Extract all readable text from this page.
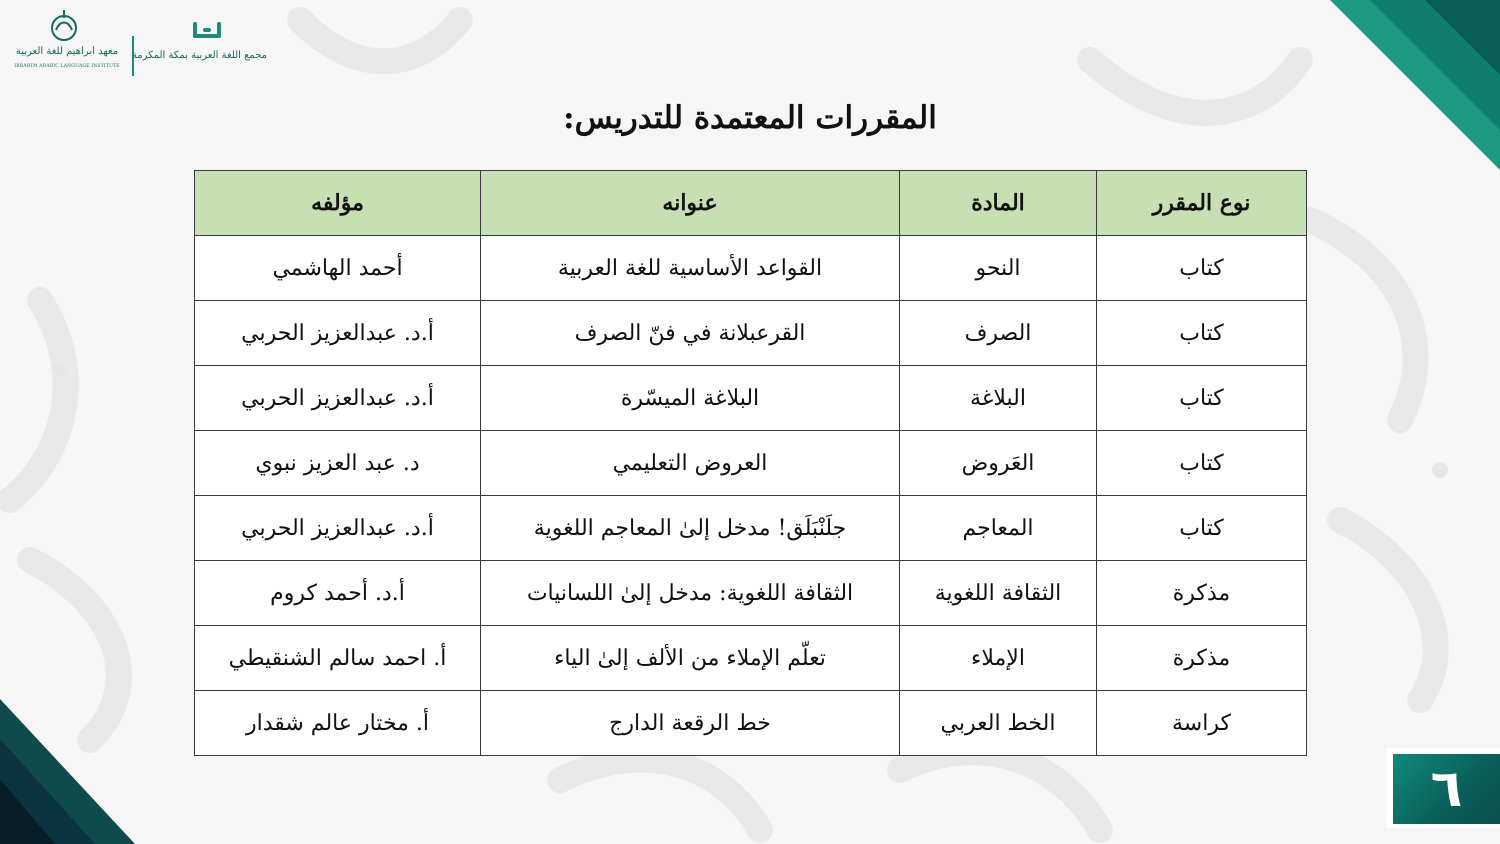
معهد ابراهيم للغة العربية
IBRAHIM ARABIC LANGUAGE INSTITUTE
مجمع اللغة العربية بمكة المكرمة
المقررات المعتمدة للتدريس:
نوع المقرر	المادة	عنوانه	مؤلفه
كتاب	النحو	القواعد الأساسية للغة العربية	أحمد الهاشمي
كتاب	الصرف	القرعبلانة في فنّ الصرف	أ.د. عبدالعزيز الحربي
كتاب	البلاغة	البلاغة الميسّرة	أ.د. عبدالعزيز الحربي
كتاب	العَروض	العروض التعليمي	د. عبد العزيز نبوي
كتاب	المعاجم	جلَنْبَلَق! مدخل إلىٰ المعاجم اللغوية	أ.د. عبدالعزيز الحربي
مذكرة	الثقافة اللغوية	الثقافة اللغوية: مدخل إلىٰ اللسانيات	أ.د. أحمد كروم
مذكرة	الإملاء	تعلّم الإملاء من الألف إلىٰ الياء	أ. احمد سالم الشنقيطي
كراسة	الخط العربي	خط الرقعة الدارج	أ. مختار عالم شقدار
٦
